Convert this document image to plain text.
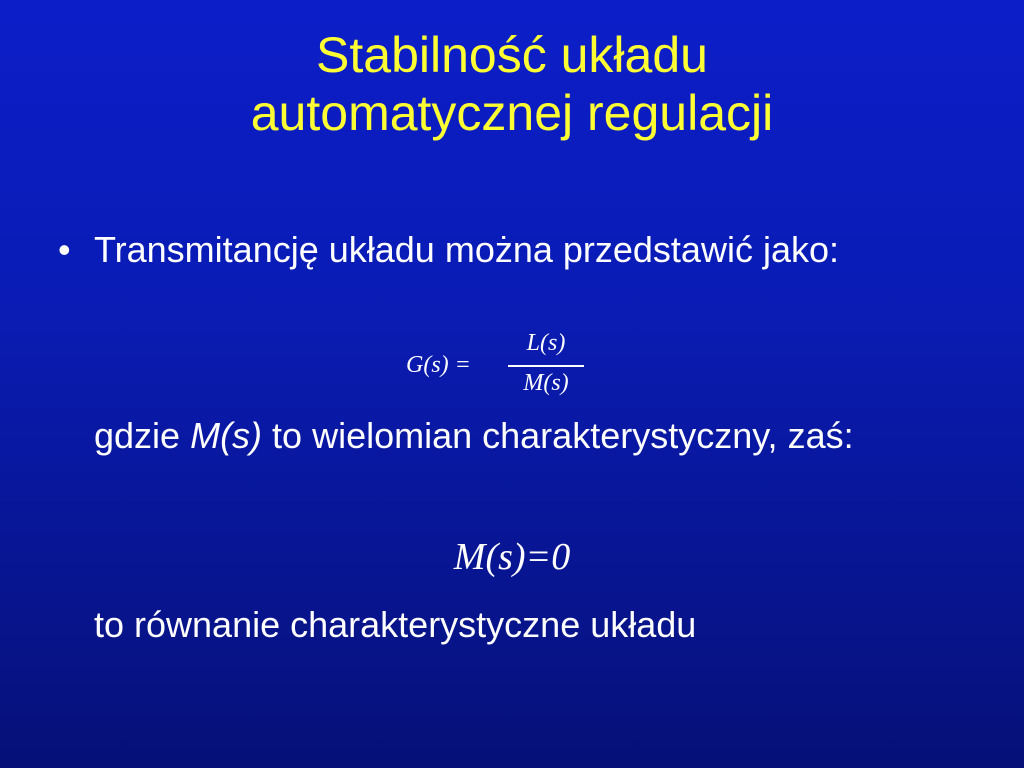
Stabilność układu
automatycznej regulacji
• Transmitancję układu można przedstawić jako:
G(s) =
L(s)
M(s)
gdzie M(s) to wielomian charakterystyczny, zaś:
M(s)=0
to równanie charakterystyczne układu
